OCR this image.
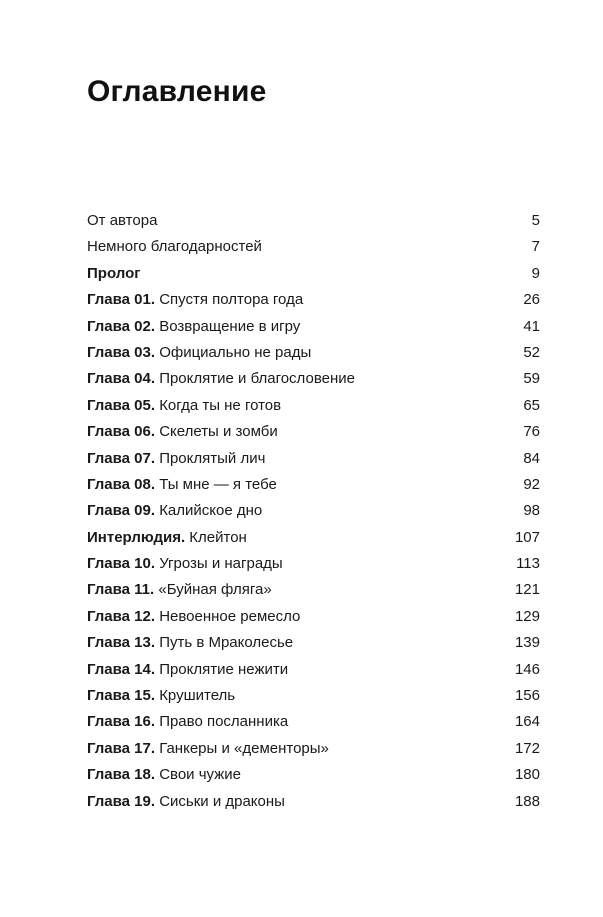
Оглавление
От автора	5
Немного благодарностей	7
Пролог	9
Глава 01. Спустя полтора года	26
Глава 02. Возвращение в игру	41
Глава 03. Официально не рады	52
Глава 04. Проклятие и благословение	59
Глава 05. Когда ты не готов	65
Глава 06. Скелеты и зомби	76
Глава 07. Проклятый лич	84
Глава 08. Ты мне — я тебе	92
Глава 09. Калийское дно	98
Интерлюдия. Клейтон	107
Глава 10. Угрозы и награды	113
Глава 11. «Буйная фляга»	121
Глава 12. Невоенное ремесло	129
Глава 13. Путь в Мраколесье	139
Глава 14. Проклятие нежити	146
Глава 15. Крушитель	156
Глава 16. Право посланника	164
Глава 17. Ганкеры и «дементоры»	172
Глава 18. Свои чужие	180
Глава 19. Сиськи и драконы	188
